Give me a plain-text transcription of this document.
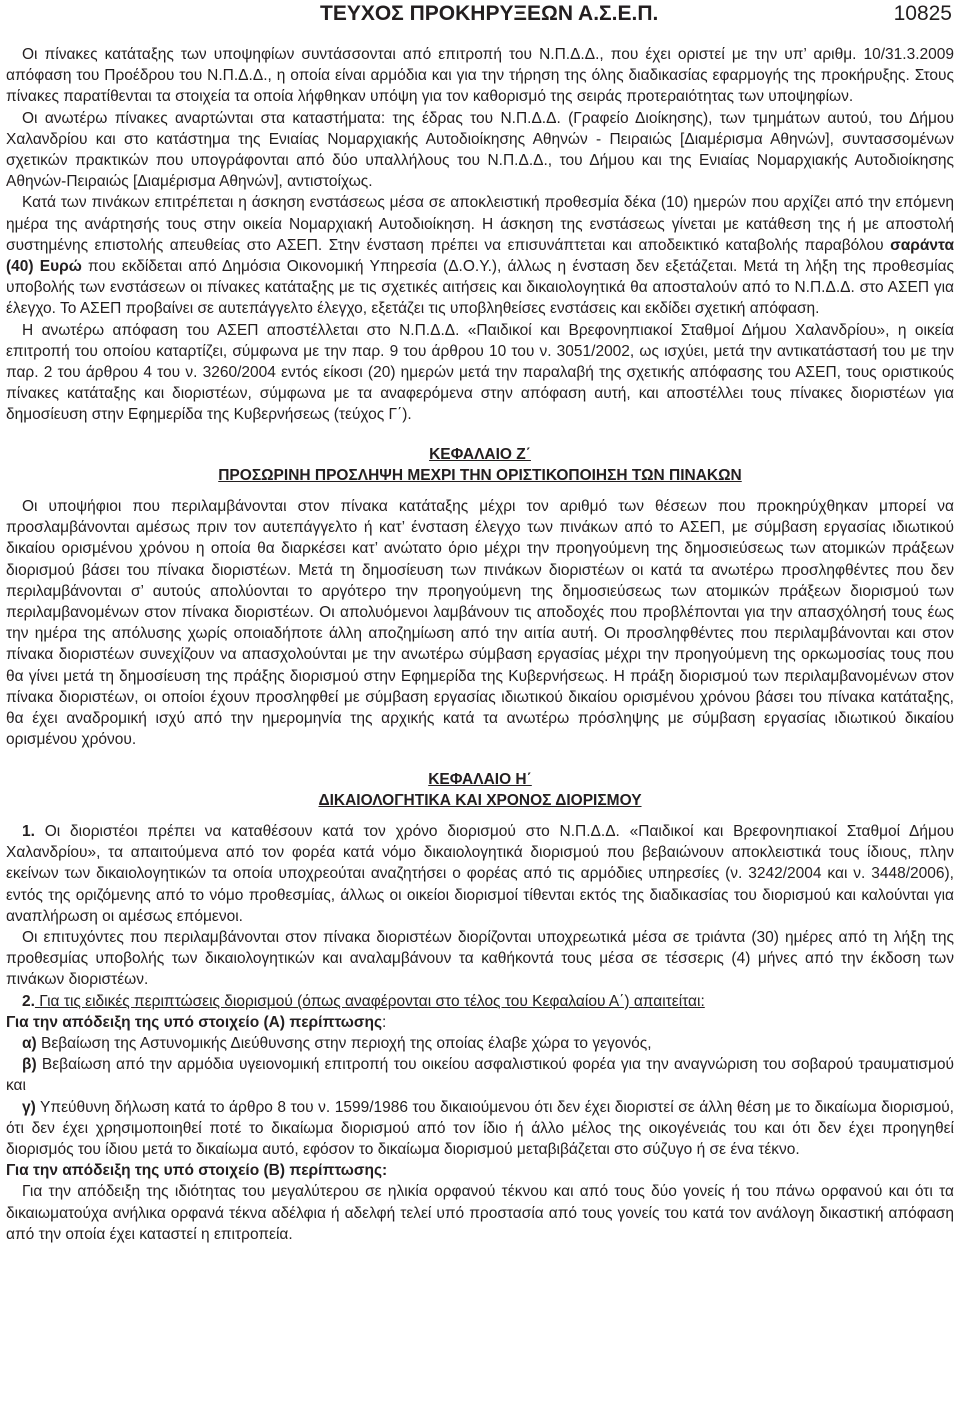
ΤΕΥΧΟΣ ΠΡΟΚΗΡΥΞΕΩΝ Α.Σ.Ε.Π.	10825

Οι πίνακες κατάταξης των υποψηφίων συντάσσονται από επιτροπή του Ν.Π.Δ.Δ., που έχει οριστεί με την υπ’ αριθμ. 10/31.3.2009 απόφαση του Προέδρου του Ν.Π.Δ.Δ., η οποία είναι αρμόδια και για την τήρηση της όλης διαδικασίας εφαρμογής της προκήρυξης. Στους πίνακες παρατίθενται τα στοιχεία τα οποία λήφθηκαν υπόψη για τον καθορισμό της σειράς προτεραιότητας των υποψηφίων.

Οι ανωτέρω πίνακες αναρτώνται στα καταστήματα: της έδρας του Ν.Π.Δ.Δ. (Γραφείο Διοίκησης), των τμημάτων αυτού, του Δήμου Χαλανδρίου και στο κατάστημα της Ενιαίας Νομαρχιακής Αυτοδιοίκησης Αθηνών - Πειραιώς [Διαμέρισμα Αθηνών], συντασσομένων σχετικών πρακτικών που υπογράφονται από δύο υπαλλήλους του Ν.Π.Δ.Δ., του Δήμου και της Ενιαίας Νομαρχιακής Αυτοδιοίκησης Αθηνών-Πειραιώς [Διαμέρισμα Αθηνών], αντιστοίχως.

Κατά των πινάκων επιτρέπεται η άσκηση ενστάσεως μέσα σε αποκλειστική προθεσμία δέκα (10) ημερών που αρχίζει από την επόμενη ημέρα της ανάρτησής τους στην οικεία Νομαρχιακή Αυτοδιοίκηση. Η άσκηση της ενστάσεως γίνεται με κατάθεση της ή με αποστολή συστημένης επιστολής απευθείας στο ΑΣΕΠ. Στην ένσταση πρέπει να επισυνάπτεται και αποδεικτικό καταβολής παραβόλου σαράντα (40) Ευρώ που εκδίδεται από Δημόσια Οικονομική Υπηρεσία (Δ.Ο.Υ.), άλλως η ένσταση δεν εξετάζεται. Μετά τη λήξη της προθεσμίας υποβολής των ενστάσεων οι πίνακες κατάταξης με τις σχετικές αιτήσεις και δικαιολογητικά θα αποσταλούν από το Ν.Π.Δ.Δ. στο ΑΣΕΠ για έλεγχο. Το ΑΣΕΠ προβαίνει σε αυτεπάγγελτο έλεγχο, εξετάζει τις υποβληθείσες ενστάσεις και εκδίδει σχετική απόφαση.

Η ανωτέρω απόφαση του ΑΣΕΠ αποστέλλεται στο Ν.Π.Δ.Δ. «Παιδικοί και Βρεφονηπιακοί Σταθμοί Δήμου Χαλανδρίου», η οικεία επιτροπή του οποίου καταρτίζει, σύμφωνα με την παρ. 9 του άρθρου 10 του ν. 3051/2002, ως ισχύει, μετά την αντικατάστασή του με την παρ. 2 του άρθρου 4 του ν. 3260/2004 εντός είκοσι (20) ημερών μετά την παραλαβή της σχετικής απόφασης του ΑΣΕΠ, τους οριστικούς πίνακες κατάταξης και διοριστέων, σύμφωνα με τα αναφερόμενα στην απόφαση αυτή, και αποστέλλει τους πίνακες διοριστέων για δημοσίευση στην Εφημερίδα της Κυβερνήσεως (τεύχος Γ΄).

ΚΕΦΑΛΑΙΟ Ζ΄

ΠΡΟΣΩΡΙΝΗ ΠΡΟΣΛΗΨΗ ΜΕΧΡΙ ΤΗΝ ΟΡΙΣΤΙΚΟΠΟΙΗΣΗ ΤΩΝ ΠΙΝΑΚΩΝ

Οι υποψήφιοι που περιλαμβάνονται στον πίνακα κατάταξης μέχρι τον αριθμό των θέσεων που προκηρύχθηκαν μπορεί να προσλαμβάνονται αμέσως πριν τον αυτεπάγγελτο ή κατ’ ένσταση έλεγχο των πινάκων από το ΑΣΕΠ, με σύμβαση εργασίας ιδιωτικού δικαίου ορισμένου χρόνου η οποία θα διαρκέσει κατ’ ανώτατο όριο μέχρι την προηγούμενη της δημοσιεύσεως των ατομικών πράξεων διορισμού βάσει του πίνακα διοριστέων. Μετά τη δημοσίευση των πινάκων διοριστέων οι κατά τα ανωτέρω προσληφθέντες που δεν περιλαμβάνονται σ’ αυτούς απολύονται το αργότερο την προηγούμενη της δημοσιεύσεως των ατομικών πράξεων διορισμού των περιλαμβανομένων στον πίνακα διοριστέων. Οι απολυόμενοι λαμβάνουν τις αποδοχές που προβλέπονται για την απασχόλησή τους έως την ημέρα της απόλυσης χωρίς οποιαδήποτε άλλη αποζημίωση από την αιτία αυτή. Οι προσληφθέντες που περιλαμβάνονται και στον πίνακα διοριστέων συνεχίζουν να απασχολούνται με την ανωτέρω σύμβαση εργασίας μέχρι την προηγούμενη της ορκωμοσίας τους που θα γίνει μετά τη δημοσίευση της πράξης διορισμού στην Εφημερίδα της Κυβερνήσεως. Η πράξη διορισμού των περιλαμβανομένων στον πίνακα διοριστέων, οι οποίοι έχουν προσληφθεί με σύμβαση εργασίας ιδιωτικού δικαίου ορισμένου χρόνου βάσει του πίνακα κατάταξης, θα έχει αναδρομική ισχύ από την ημερομηνία της αρχικής κατά τα ανωτέρω πρόσληψης με σύμβαση εργασίας ιδιωτικού δικαίου ορισμένου χρόνου.

ΚΕΦΑΛΑΙΟ Η΄

ΔΙΚΑΙΟΛΟΓΗΤΙΚΑ ΚΑΙ ΧΡΟΝΟΣ ΔΙΟΡΙΣΜΟΥ

1. Οι διοριστέοι πρέπει να καταθέσουν κατά τον χρόνο διορισμού στο Ν.Π.Δ.Δ. «Παιδικοί και Βρεφονηπιακοί Σταθμοί Δήμου Χαλανδρίου», τα απαιτούμενα από τον φορέα κατά νόμο δικαιολογητικά διορισμού που βεβαιώνουν αποκλειστικά τους ίδιους, πλην εκείνων των δικαιολογητικών τα οποία υποχρεούται αναζητήσει ο φορέας από τις αρμόδιες υπηρεσίες (ν. 3242/2004 και ν. 3448/2006), εντός της οριζόμενης από το νόμο προθεσμίας, άλλως οι οικείοι διορισμοί τίθενται εκτός της διαδικασίας του διορισμού και καλούνται για αναπλήρωση οι αμέσως επόμενοι.

Οι επιτυχόντες που περιλαμβάνονται στον πίνακα διοριστέων διορίζονται υποχρεωτικά μέσα σε τριάντα (30) ημέρες από τη λήξη της προθεσμίας υποβολής των δικαιολογητικών και αναλαμβάνουν τα καθήκοντά τους μέσα σε τέσσερις (4) μήνες από την έκδοση των πινάκων διοριστέων.

2. Για τις ειδικές περιπτώσεις διορισμού (όπως αναφέρονται στο τέλος του Κεφαλαίου Α΄) απαιτείται:

Για την απόδειξη της υπό στοιχείο (Α) περίπτωσης:

α) Βεβαίωση της Αστυνομικής Διεύθυνσης στην περιοχή της οποίας έλαβε χώρα το γεγονός,

β) Βεβαίωση από την αρμόδια υγειονομική επιτροπή του οικείου ασφαλιστικού φορέα για την αναγνώριση του σοβαρού τραυματισμού και

γ) Υπεύθυνη δήλωση κατά το άρθρο 8 του ν. 1599/1986 του δικαιούμενου ότι δεν έχει διοριστεί σε άλλη θέση με το δικαίωμα διορισμού, ότι δεν έχει χρησιμοποιηθεί ποτέ το δικαίωμα διορισμού από τον ίδιο ή άλλο μέλος της οικογένειάς του και ότι δεν έχει προηγηθεί διορισμός του ίδιου μετά το δικαίωμα αυτό, εφόσον το δικαίωμα διορισμού μεταβιβάζεται στο σύζυγο ή σε ένα τέκνο.

Για την απόδειξη της υπό στοιχείο (Β) περίπτωσης:

Για την απόδειξη της ιδιότητας του μεγαλύτερου σε ηλικία ορφανού τέκνου και από τους δύο γονείς ή του πάνω ορφανού και ότι τα δικαιωματούχα ανήλικα ορφανά τέκνα αδέλφια ή αδελφή τελεί υπό προστασία από τους γονείς του κατά τον ανάλογη δικαστική απόφαση από την οποία έχει καταστεί η επιτροπεία.
